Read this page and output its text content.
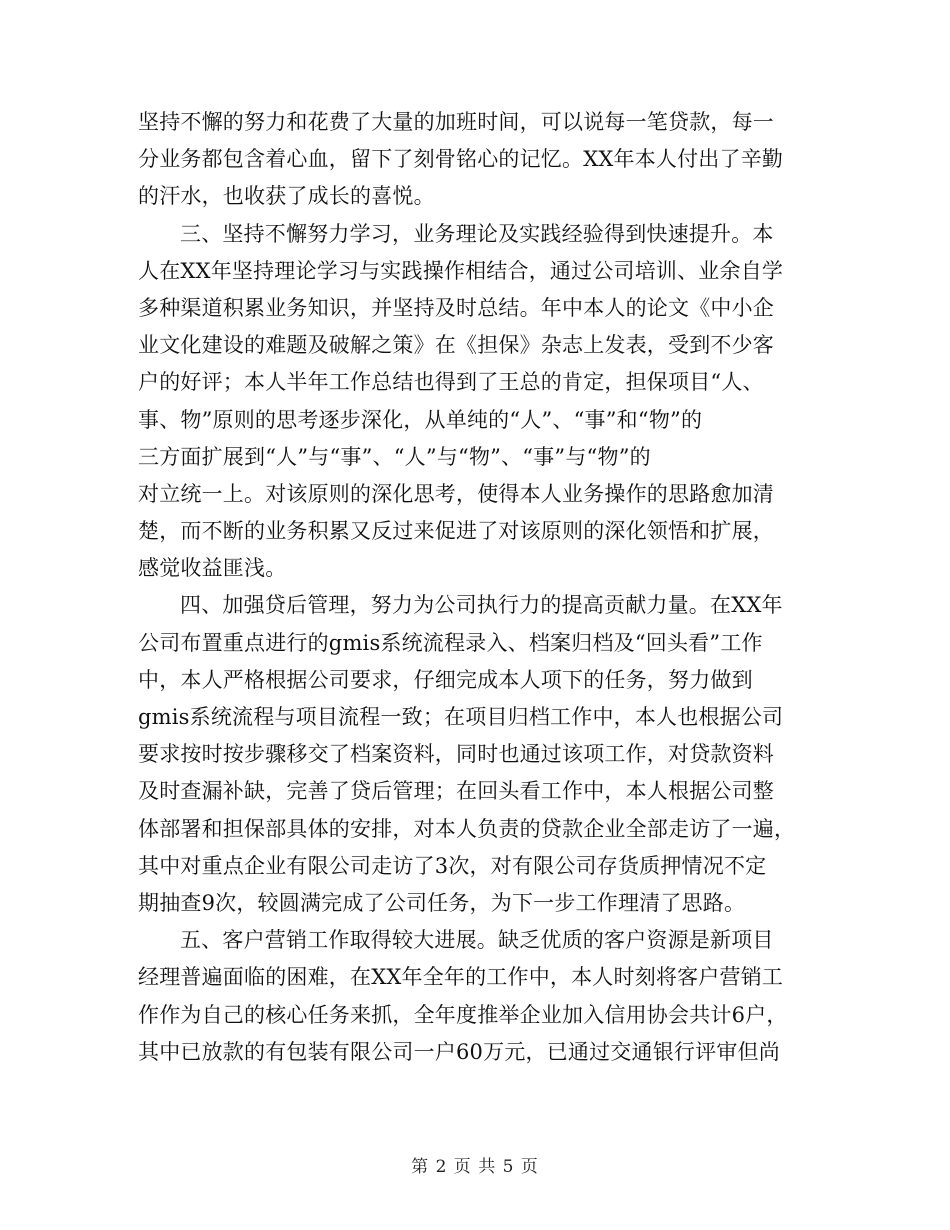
坚持不懈的努力和花费了大量的加班时间，可以说每一笔贷款，每一
分业务都包含着心血，留下了刻骨铭心的记忆。XX年本人付出了辛勤
的汗水，也收获了成长的喜悦。
三、坚持不懈努力学习，业务理论及实践经验得到快速提升。本
人在XX年坚持理论学习与实践操作相结合，通过公司培训、业余自学
多种渠道积累业务知识，并坚持及时总结。年中本人的论文《中小企
业文化建设的难题及破解之策》在《担保》杂志上发表，受到不少客
户的好评；本人半年工作总结也得到了王总的肯定，担保项目“人、
事、物”原则的思考逐步深化，从单纯的“人”、“事”和“物”的
三方面扩展到“人”与“事”、“人”与“物”、“事”与“物”的
对立统一上。对该原则的深化思考，使得本人业务操作的思路愈加清
楚，而不断的业务积累又反过来促进了对该原则的深化领悟和扩展，
感觉收益匪浅。
四、加强贷后管理，努力为公司执行力的提高贡献力量。在XX年
公司布置重点进行的gmis系统流程录入、档案归档及“回头看”工作
中，本人严格根据公司要求，仔细完成本人项下的任务，努力做到
gmis系统流程与项目流程一致；在项目归档工作中，本人也根据公司
要求按时按步骤移交了档案资料，同时也通过该项工作，对贷款资料
及时查漏补缺，完善了贷后管理；在回头看工作中，本人根据公司整
体部署和担保部具体的安排，对本人负责的贷款企业全部走访了一遍，
其中对重点企业有限公司走访了3次，对有限公司存货质押情况不定
期抽查9次，较圆满完成了公司任务，为下一步工作理清了思路。
五、客户营销工作取得较大进展。缺乏优质的客户资源是新项目
经理普遍面临的困难，在XX年全年的工作中，本人时刻将客户营销工
作作为自己的核心任务来抓，全年度推举企业加入信用协会共计6户，
其中已放款的有包装有限公司一户60万元，已通过交通银行评审但尚
第 2 页 共 5 页
